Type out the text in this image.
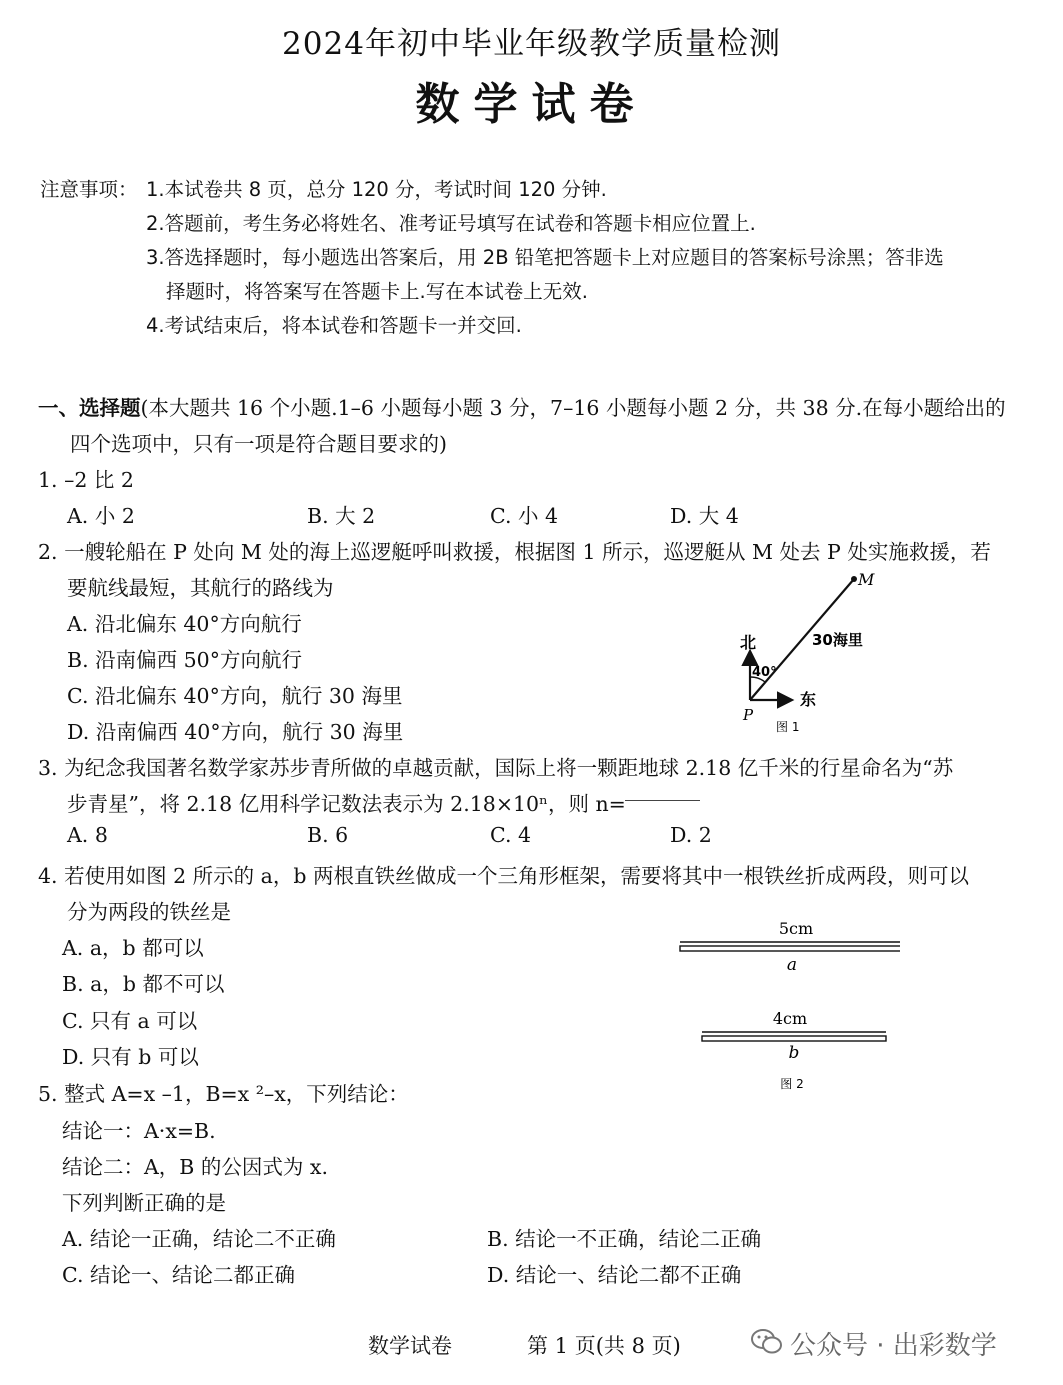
2024年初中毕业年级教学质量检测
数学试卷
注意事项： 1.本试卷共 8 页，总分 120 分，考试时间 120 分钟.
2.答题前，考生务必将姓名、准考证号填写在试卷和答题卡相应位置上.
3.答选择题时，每小题选出答案后，用 2B 铅笔把答题卡上对应题目的答案标号涂黑；答非选
择题时，将答案写在答题卡上.写在本试卷上无效.
4.考试结束后，将本试卷和答题卡一并交回.
一、选择题(本大题共 16 个小题.1–6 小题每小题 3 分，7–16 小题每小题 2 分，共 38 分.在每小题给出的
四个选项中，只有一项是符合题目要求的)
1. –2 比 2
A. 小 2	B. 大 2	C. 小 4	D. 大 4
2. 一艘轮船在 P 处向 M 处的海上巡逻艇呼叫救援，根据图 1 所示，巡逻艇从 M 处去 P 处实施救援，若
要航线最短，其航行的路线为
A. 沿北偏东 40°方向航行
B. 沿南偏西 50°方向航行
C. 沿北偏东 40°方向，航行 30 海里
D. 沿南偏西 40°方向，航行 30 海里
M
北
东
40°
30海里
P
图 1
3. 为纪念我国著名数学家苏步青所做的卓越贡献，国际上将一颗距地球 2.18 亿千米的行星命名为“苏
步青星”，将 2.18 亿用科学记数法表示为 2.18×10ⁿ，则 n=
A. 8	B. 6	C. 4	D. 2
4. 若使用如图 2 所示的 a，b 两根直铁丝做成一个三角形框架，需要将其中一根铁丝折成两段，则可以
分为两段的铁丝是
A. a，b 都可以
B. a，b 都不可以
C. 只有 a 可以
D. 只有 b 可以
5cm
a
4cm
b
图 2
5. 整式 A=x –1，B=x ²–x，下列结论：
结论一：A·x=B.
结论二：A，B 的公因式为 x.
下列判断正确的是
A. 结论一正确，结论二不正确	B. 结论一不正确，结论二正确
C. 结论一、结论二都正确	D. 结论一、结论二都不正确
数学试卷	第 1 页(共 8 页)	公众号 · 出彩数学
